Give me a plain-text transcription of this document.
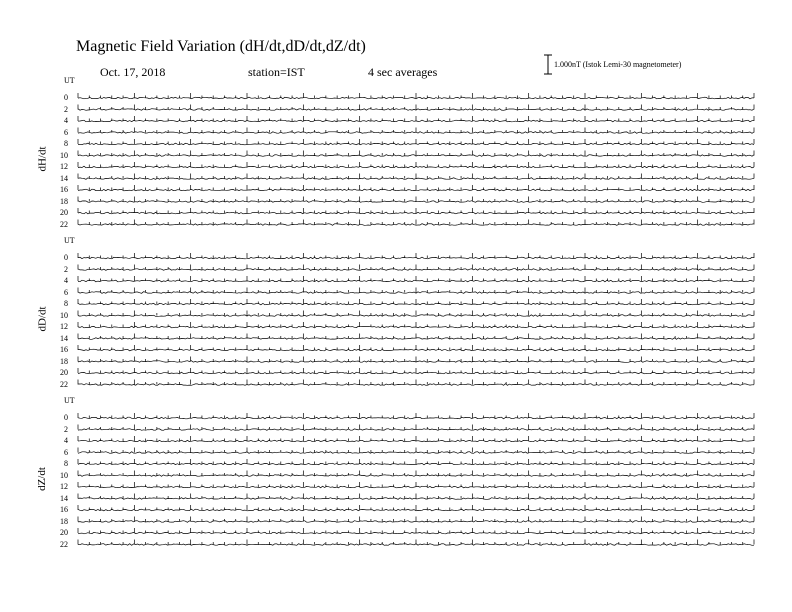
Magnetic Field Variation (dH/dt,dD/dt,dZ/dt)
Oct. 17, 2018	station=IST	4 sec averages
1.000nT (Istok Lemi-30 magnetometer)
UT
dH/dt
0
2
4
6
8
10
12
14
16
18
20
22
UT
dD/dt
0
2
4
6
8
10
12
14
16
18
20
22
UT
dZ/dt
0
2
4
6
8
10
12
14
16
18
20
22
